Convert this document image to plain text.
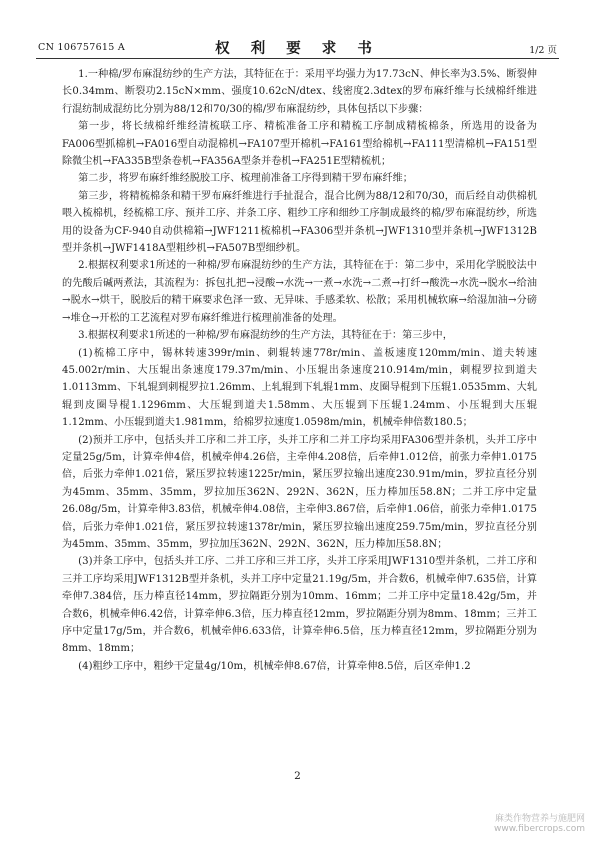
CN 106757615 A	权 利 要 求 书	1/2 页

1.一种棉/罗布麻混纺纱的生产方法，其特征在于：采用平均强力为17.73cN、伸长率为3.5%、断裂伸长0.34mm、断裂功2.15cN×mm、强度10.62cN/dtex、线密度2.3dtex的罗布麻纤维与长绒棉纤维进行混纺制成混纺比分别为88/12和70/30的棉/罗布麻混纺纱，具体包括以下步骤：

第一步，将长绒棉纤维经清梳联工序、精梳准备工序和精梳工序制成精梳棉条，所选用的设备为FA006型抓棉机→FA016型自动混棉机→FA107型开棉机→FA161型给棉机→FA111型清棉机→FA151型除微尘机→FA335B型条卷机→FA356A型条并卷机→FA251E型精梳机；

第二步，将罗布麻纤维经脱胶工序、梳理前准备工序得到精干罗布麻纤维；

第三步，将精梳棉条和精干罗布麻纤维进行手扯混合，混合比例为88/12和70/30，而后经自动供棉机喂入梳棉机，经梳棉工序、预并工序、并条工序、粗纱工序和细纱工序制成最终的棉/罗布麻混纺纱，所选用的设备为CF-940自动供棉箱→JWF1211梳棉机→FA306型并条机→JWF1310型并条机→JWF1312B型并条机→JWF1418A型粗纱机→FA507B型细纱机。

2.根据权利要求1所述的一种棉/罗布麻混纺纱的生产方法，其特征在于：第二步中，采用化学脱胶法中的先酸后碱两煮法，其流程为：拆包扎把→浸酸→水洗→一煮→水洗→二煮→打纤→酸洗→水洗→脱水→给油→脱水→烘干，脱胶后的精干麻要求色泽一致、无异味、手感柔软、松散；采用机械软麻→给湿加油→分磅→堆仓→开松的工艺流程对罗布麻纤维进行梳理前准备的处理。

3.根据权利要求1所述的一种棉/罗布麻混纺纱的生产方法，其特征在于：第三步中，

(1)梳棉工序中，锡林转速399r/min、刺辊转速778r/min、盖板速度120mm/min、道夫转速45.002r/min、大压辊出条速度179.37m/min、小压辊出条速度210.914m/min，刺棍罗拉到道夫1.0113mm、下轧辊到刺棍罗拉1.26mm、上轧辊到下轧辊1mm、皮圈导棍到下压辊1.0535mm、大轧辊到皮圈导棍1.1296mm、大压辊到道夫1.58mm、大压辊到下压辊1.24mm、小压辊到大压辊1.12mm、小压辊到道夫1.981mm，给棉罗拉速度1.0598m/min，机械牵伸倍数180.5；

(2)预并工序中，包括头并工序和二并工序，头并工序和二并工序均采用FA306型并条机，头并工序中定量25g/5m，计算牵伸4倍，机械牵伸4.26倍，主牵伸4.208倍，后牵伸1.012倍，前张力牵伸1.0175倍，后张力牵伸1.021倍，紧压罗拉转速1225r/min，紧压罗拉输出速度230.91m/min，罗拉直径分别为45mm、35mm、35mm，罗拉加压362N、292N、362N，压力棒加压58.8N；二并工序中定量26.08g/5m，计算牵伸3.83倍，机械牵伸4.08倍，主牵伸3.867倍，后牵伸1.06倍，前张力牵伸1.0175倍，后张力牵伸1.021倍，紧压罗拉转速1378r/min，紧压罗拉输出速度259.75m/min，罗拉直径分别为45mm、35mm、35mm，罗拉加压362N、292N、362N，压力棒加压58.8N；

(3)并条工序中，包括头并工序、二并工序和三并工序，头并工序采用JWF1310型并条机，二并工序和三并工序均采用JWF1312B型并条机，头并工序中定量21.19g/5m，并合数6，机械牵伸7.635倍，计算牵伸7.384倍，压力棒直径14mm，罗拉隔距分别为10mm、16mm；二并工序中定量18.42g/5m，并合数6，机械牵伸6.42倍，计算牵伸6.3倍，压力棒直径12mm，罗拉隔距分别为8mm、18mm；三并工序中定量17g/5m，并合数6，机械牵伸6.633倍，计算牵伸6.5倍，压力棒直径12mm，罗拉隔距分别为8mm、18mm；

(4)粗纱工序中，粗纱干定量4g/10m，机械牵伸8.67倍，计算牵伸8.5倍，后区牵伸1.2

2
麻类作物营养与施肥网
www.fibercrops.com
